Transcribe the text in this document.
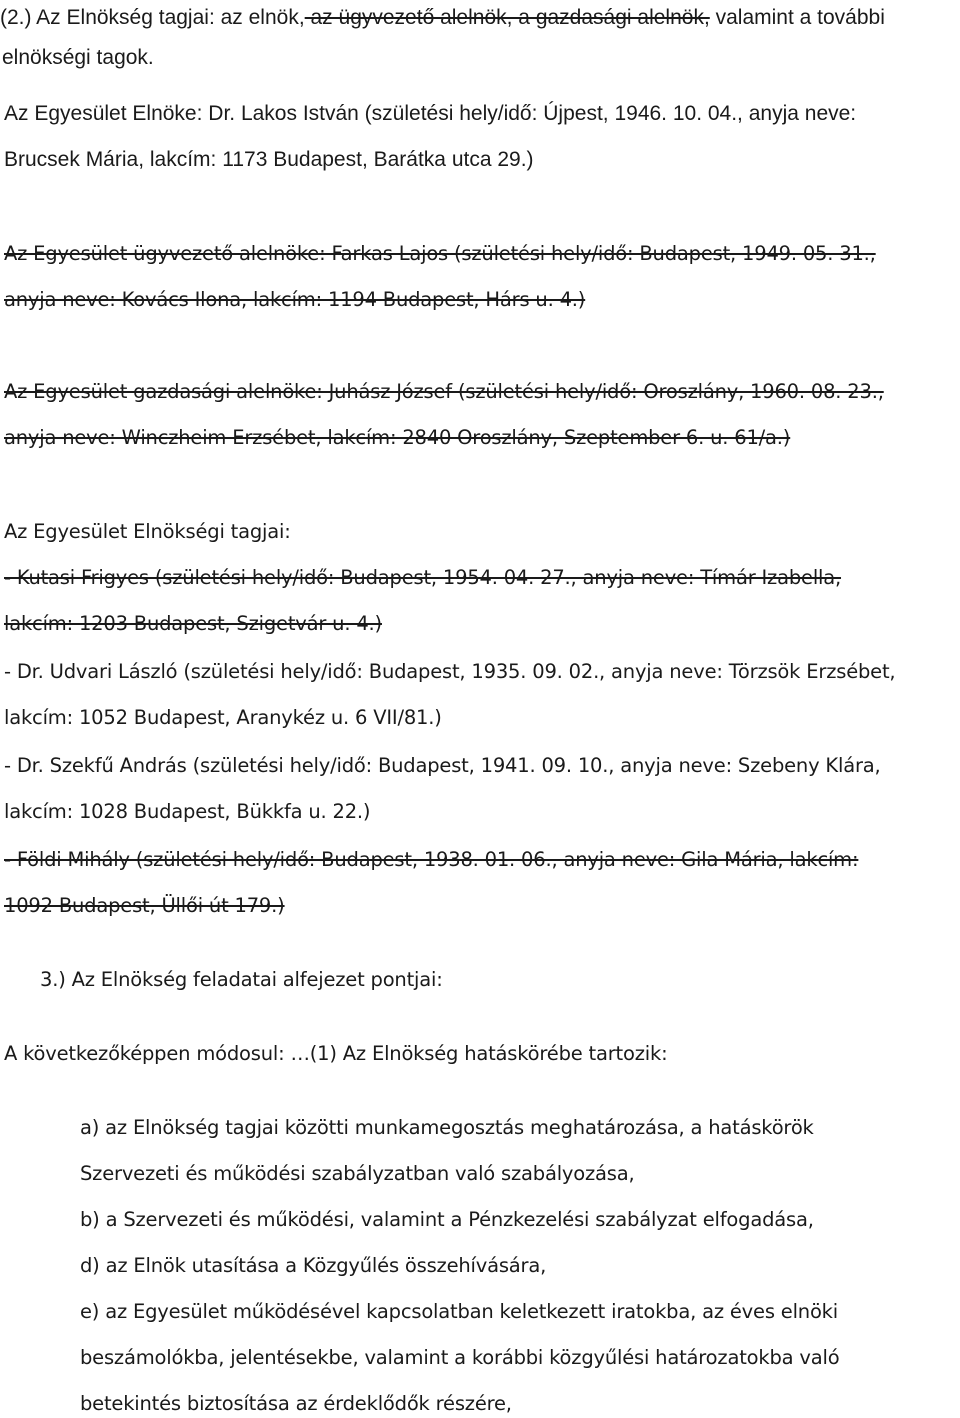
(2.) Az Elnökség tagjai: az elnök, az ügyvezető alelnök, a gazdasági alelnök, valamint a további
elnökségi tagok.
Az Egyesület Elnöke: Dr. Lakos István (születési hely/idő: Újpest, 1946. 10. 04., anyja neve:
Brucsek Mária, lakcím: 1173 Budapest, Barátka utca 29.)
Az Egyesület ügyvezető alelnöke: Farkas Lajos (születési hely/idő: Budapest, 1949. 05. 31.,
anyja neve: Kovács Ilona, lakcím: 1194 Budapest, Hárs u. 4.)
Az Egyesület gazdasági alelnöke: Juhász József (születési hely/idő: Oroszlány, 1960. 08. 23.,
anyja neve: Winczheim Erzsébet, lakcím: 2840 Oroszlány, Szeptember 6. u. 61/a.)
Az Egyesület Elnökségi tagjai:
- Kutasi Frigyes (születési hely/idő: Budapest, 1954. 04. 27., anyja neve: Tímár Izabella,
lakcím: 1203 Budapest, Szigetvár u. 4.)
- Dr. Udvari László (születési hely/idő: Budapest, 1935. 09. 02., anyja neve: Törzsök Erzsébet,
lakcím: 1052 Budapest, Aranykéz u. 6 VII/81.)
- Dr. Szekfű András (születési hely/idő: Budapest, 1941. 09. 10., anyja neve: Szebeny Klára,
lakcím: 1028 Budapest, Bükkfa u. 22.)
- Földi Mihály (születési hely/idő: Budapest, 1938. 01. 06., anyja neve: Gila Mária, lakcím:
1092 Budapest, Üllői út 179.)
3.) Az Elnökség feladatai alfejezet pontjai:
A következőképpen módosul: …(1) Az Elnökség hatáskörébe tartozik:
a) az Elnökség tagjai közötti munkamegosztás meghatározása, a hatáskörök
Szervezeti és működési szabályzatban való szabályozása,
b) a Szervezeti és működési, valamint a Pénzkezelési szabályzat elfogadása,
d) az Elnök utasítása a Közgyűlés összehívására,
e) az Egyesület működésével kapcsolatban keletkezett iratokba, az éves elnöki
beszámolókba, jelentésekbe, valamint a korábbi közgyűlési határozatokba való
betekintés biztosítása az érdeklődők részére,
